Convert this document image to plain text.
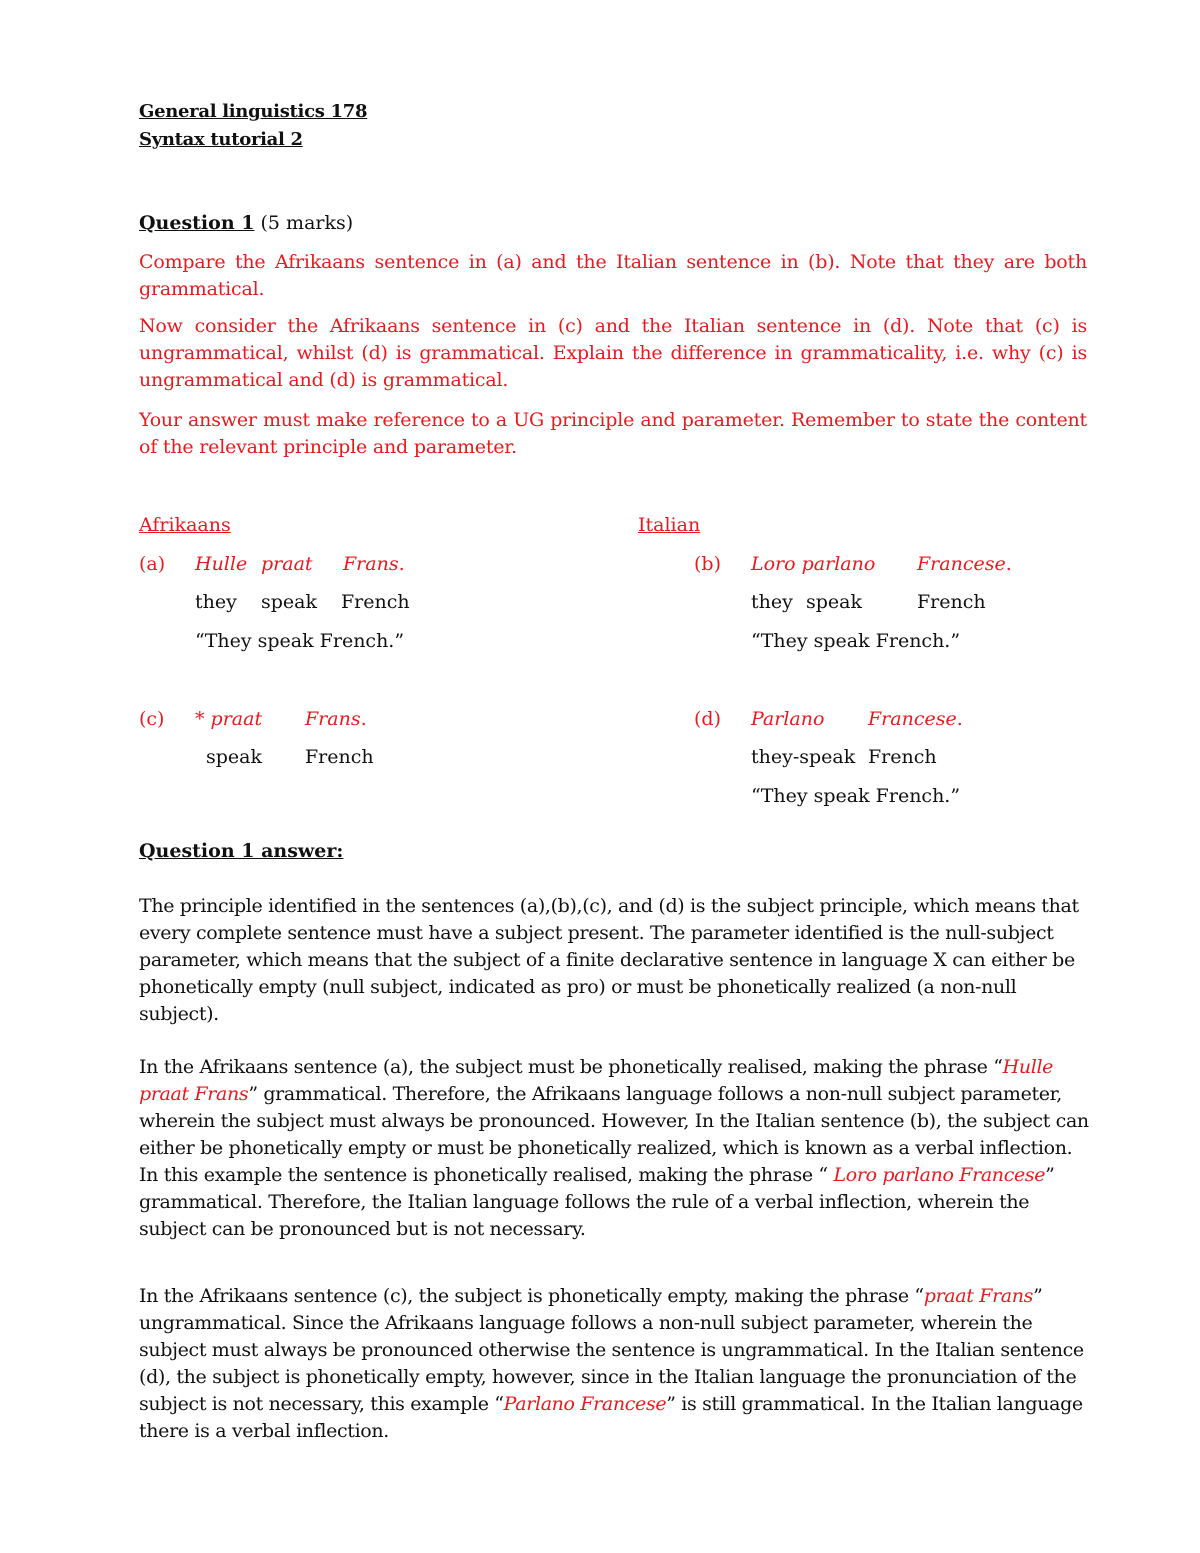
General linguistics 178
Syntax tutorial 2
Question 1 (5 marks)
Compare the Afrikaans sentence in (a) and the Italian sentence in (b). Note that they are both grammatical.
Now consider the Afrikaans sentence in (c) and the Italian sentence in (d). Note that (c) is ungrammatical, whilst (d) is grammatical. Explain the difference in grammaticality, i.e. why (c) is ungrammatical and (d) is grammatical.
Your answer must make reference to a UG principle and parameter. Remember to state the content of the relevant principle and parameter.
Afrikaans	Italian
(a) Hulle praat Frans.
they speak French
“They speak French.”
(b) Loro parlano Francese.
they speak	French
“They speak French.”
(c) * praat Frans.
speak French
(d) Parlano Francese.
they-speak French
“They speak French.”
Question 1 answer:
The principle identified in the sentences (a),(b),(c), and (d) is the subject principle, which means that every complete sentence must have a subject present. The parameter identified is the null-subject parameter, which means that the subject of a finite declarative sentence in language X can either be phonetically empty (null subject, indicated as pro) or must be phonetically realized (a non-null subject).
In the Afrikaans sentence (a), the subject must be phonetically realised, making the phrase “Hulle praat Frans” grammatical. Therefore, the Afrikaans language follows a non-null subject parameter, wherein the subject must always be pronounced. However, In the Italian sentence (b), the subject can either be phonetically empty or must be phonetically realized, which is known as a verbal inflection. In this example the sentence is phonetically realised, making the phrase “ Loro parlano Francese” grammatical. Therefore, the Italian language follows the rule of a verbal inflection, wherein the subject can be pronounced but is not necessary.
In the Afrikaans sentence (c), the subject is phonetically empty, making the phrase “praat Frans” ungrammatical. Since the Afrikaans language follows a non-null subject parameter, wherein the subject must always be pronounced otherwise the sentence is ungrammatical. In the Italian sentence (d), the subject is phonetically empty, however, since in the Italian language the pronunciation of the subject is not necessary, this example “Parlano Francese” is still grammatical. In the Italian language there is a verbal inflection.
